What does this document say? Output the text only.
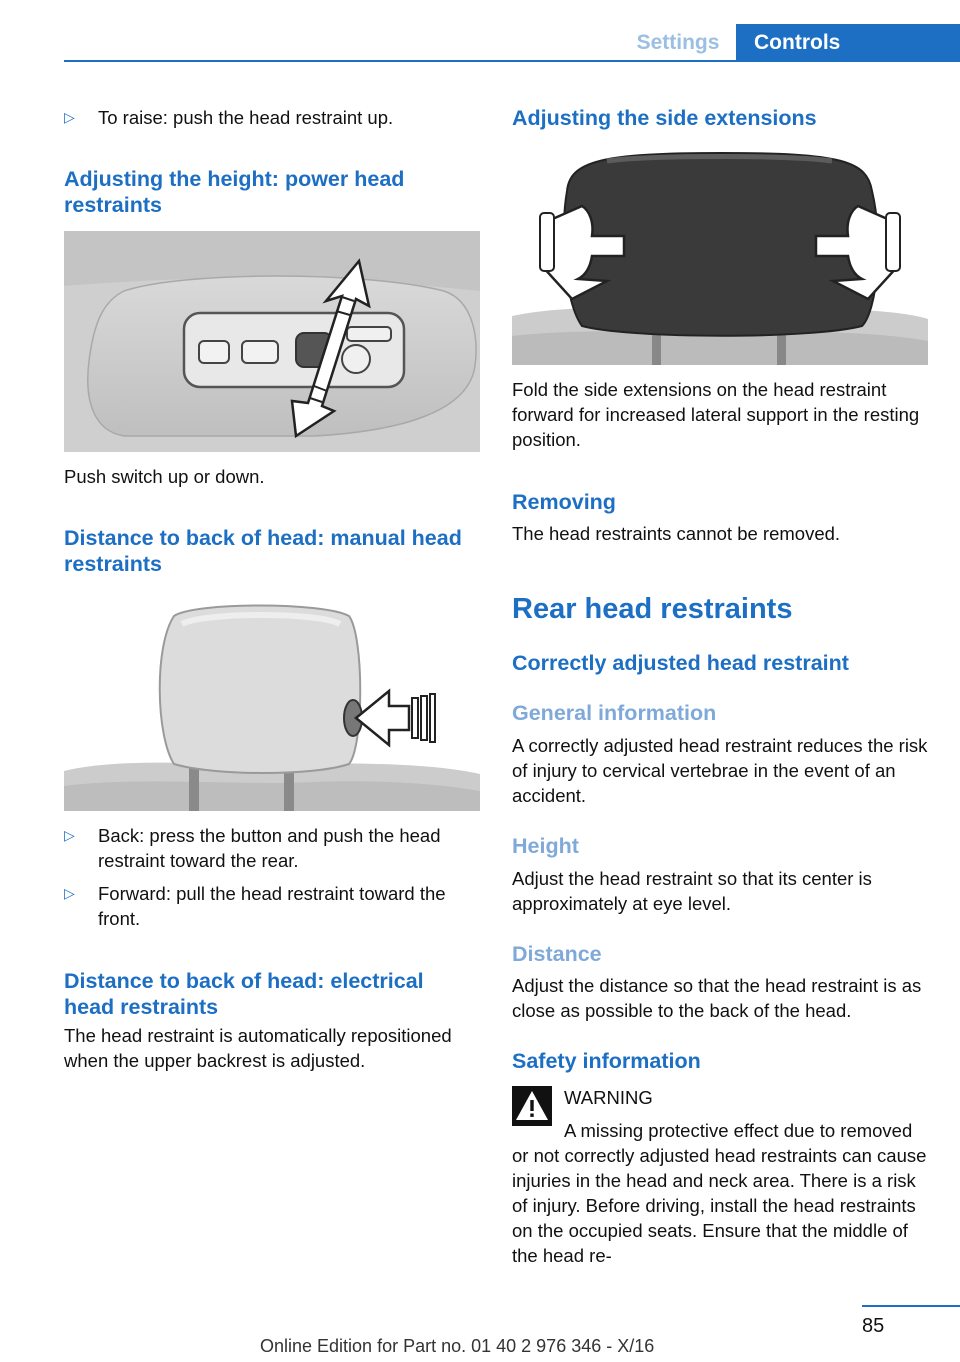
Settings	Controls
▷ To raise: push the head restraint up.
Adjusting the height: power head restraints
Push switch up or down.
Distance to back of head: manual head restraints
▷ Back: press the button and push the head restraint toward the rear.
▷ Forward: pull the head restraint toward the front.
Distance to back of head: electrical head restraints
The head restraint is automatically repositioned when the upper backrest is adjusted.
Adjusting the side extensions
Fold the side extensions on the head restraint forward for increased lateral support in the resting position.
Removing
The head restraints cannot be removed.
Rear head restraints
Correctly adjusted head restraint
General information
A correctly adjusted head restraint reduces the risk of injury to cervical vertebrae in the event of an accident.
Height
Adjust the head restraint so that its center is approximately at eye level.
Distance
Adjust the distance so that the head restraint is as close as possible to the back of the head.
Safety information
WARNING
A missing protective effect due to removed or not correctly adjusted head restraints can cause injuries in the head and neck area. There is a risk of injury. Before driving, install the head restraints on the occupied seats. Ensure that the middle of the head re-
85
Online Edition for Part no. 01 40 2 976 346 - X/16
